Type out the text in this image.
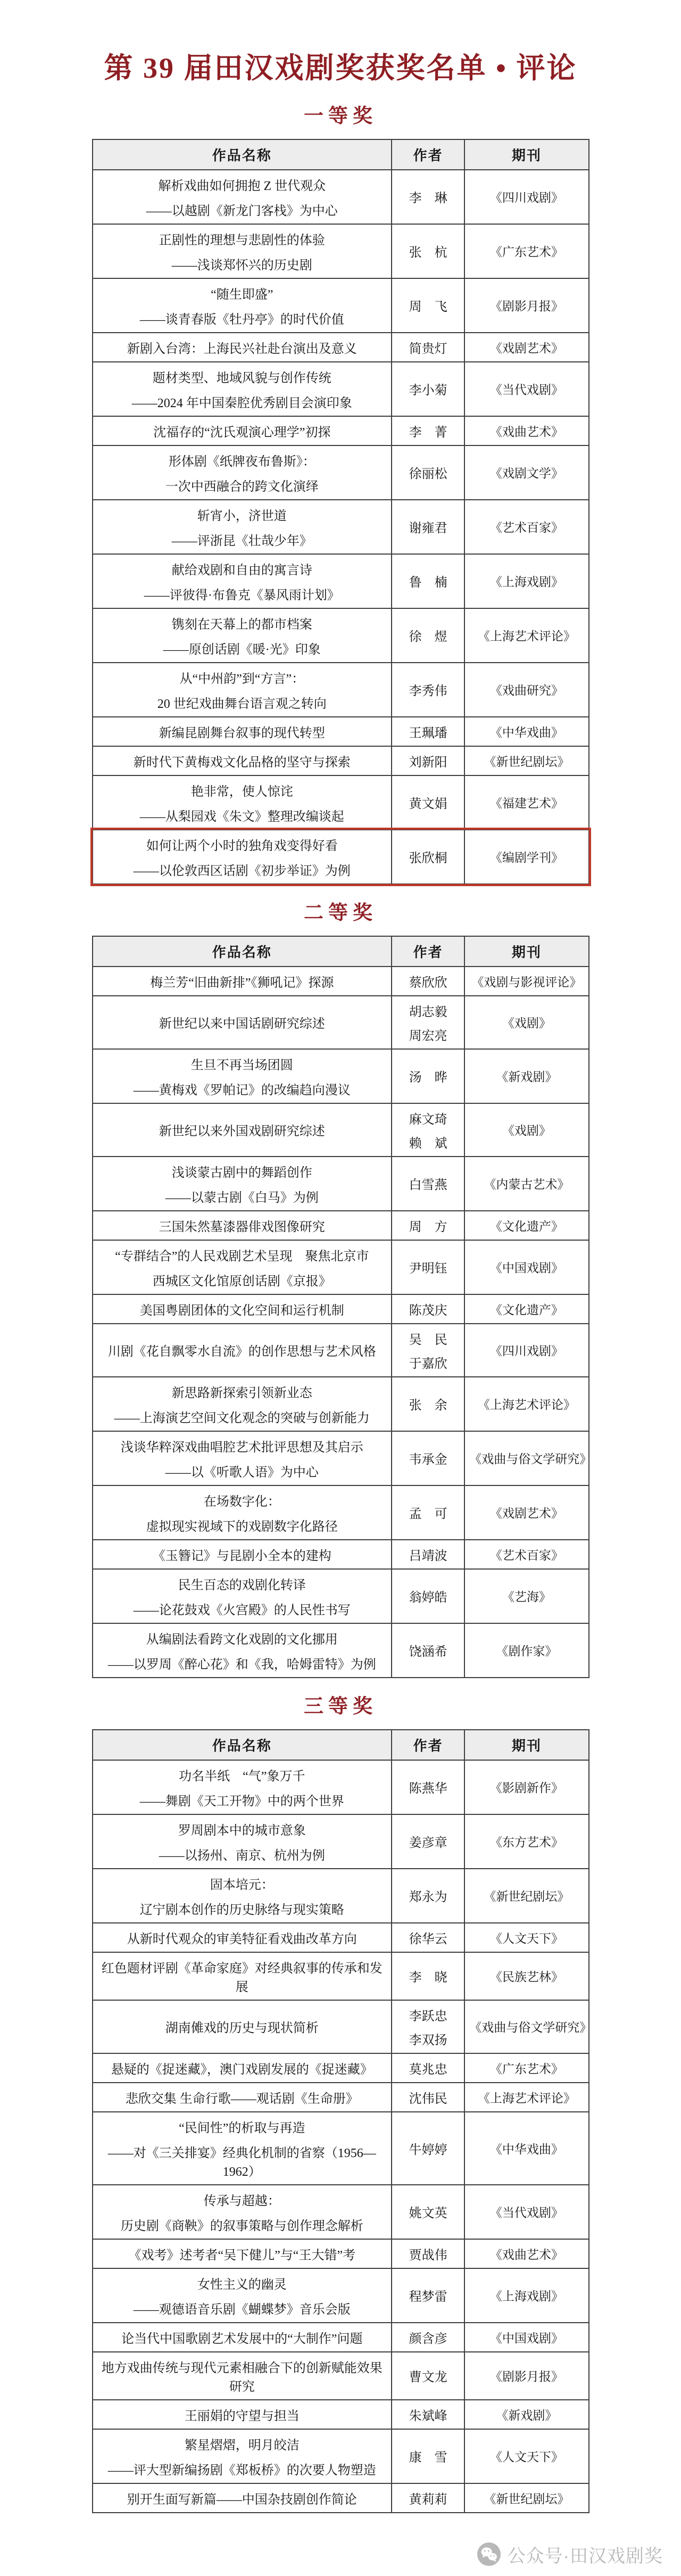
第 39 届田汉戏剧奖获奖名单 • 评论
一等奖
作品名称	作者	期刊

解析戏曲如何拥抱 Z 世代观众
——以越剧《新龙门客栈》为中心	李　琳	《四川戏剧》

正剧性的理想与悲剧性的体验
——浅谈郑怀兴的历史剧	张　杭	《广东艺术》

“随生即盛”
——谈青春版《牡丹亭》的时代价值	周　飞	《剧影月报》

新剧入台湾：上海民兴社赴台演出及意义	简贵灯	《戏剧艺术》

题材类型、地域风貌与创作传统
——2024 年中国秦腔优秀剧目会演印象	李小菊	《当代戏剧》

沈福存的“沈氏观演心理学”初探	李　菁	《戏曲艺术》

形体剧《纸牌夜布鲁斯》：
一次中西融合的跨文化演绎	徐丽松	《戏剧文学》

斩宵小，济世道
——评浙昆《壮哉少年》	谢雍君	《艺术百家》

献给戏剧和自由的寓言诗
——评彼得·布鲁克《暴风雨计划》	鲁　楠	《上海戏剧》

镌刻在天幕上的都市档案
——原创话剧《暖·光》印象	徐　煜	《上海艺术评论》

从“中州韵”到“方言”：
20 世纪戏曲舞台语言观之转向	李秀伟	《戏曲研究》

新编昆剧舞台叙事的现代转型	王珮璠	《中华戏曲》

新时代下黄梅戏文化品格的坚守与探索	刘新阳	《新世纪剧坛》

艳非常，使人惊诧
——从梨园戏《朱文》整理改编谈起	黄文娟	《福建艺术》

如何让两个小时的独角戏变得好看
——以伦敦西区话剧《初步举证》为例	张欣桐	《编剧学刊》
二等奖
作品名称	作者	期刊

梅兰芳“旧曲新排”《狮吼记》探源	蔡欣欣	《戏剧与影视评论》

新世纪以来中国话剧研究综述	胡志毅
周宏亮	《戏剧》

生旦不再当场团圆
——黄梅戏《罗帕记》的改编趋向漫议	汤　晔	《新戏剧》

新世纪以来外国戏剧研究综述	麻文琦
赖　斌	《戏剧》

浅谈蒙古剧中的舞蹈创作
——以蒙古剧《白马》为例	白雪燕	《内蒙古艺术》

三国朱然墓漆器俳戏图像研究	周　方	《文化遗产》

“专群结合”的人民戏剧艺术呈现　聚焦北京市
西城区文化馆原创话剧《京报》	尹明钰	《中国戏剧》

美国粤剧团体的文化空间和运行机制	陈茂庆	《文化遗产》

川剧《花自飘零水自流》的创作思想与艺术风格	吴　民
于嘉欣	《四川戏剧》

新思路新探索引领新业态
——上海演艺空间文化观念的突破与创新能力	张　余	《上海艺术评论》

浅谈华粹深戏曲唱腔艺术批评思想及其启示
——以《听歌人语》为中心	韦承金	《戏曲与俗文学研究》

在场数字化：
虚拟现实视域下的戏剧数字化路径	孟　可	《戏剧艺术》

《玉簪记》与昆剧小全本的建构	吕靖波	《艺术百家》

民生百态的戏剧化转译
——论花鼓戏《火宫殿》的人民性书写	翁婷皓	《艺海》

从编剧法看跨文化戏剧的文化挪用
——以罗周《醉心花》和《我，哈姆雷特》为例	饶涵希	《剧作家》
三等奖
作品名称	作者	期刊

功名半纸　“气”象万千
——舞剧《天工开物》中的两个世界	陈燕华	《影剧新作》

罗周剧本中的城市意象
——以扬州、南京、杭州为例	姜彦章	《东方艺术》

固本培元：
辽宁剧本创作的历史脉络与现实策略	郑永为	《新世纪剧坛》

从新时代观众的审美特征看戏曲改革方向	徐华云	《人文天下》

红色题材评剧《革命家庭》对经典叙事的传承和发展	李　晓	《民族艺林》

湖南傩戏的历史与现状简析	李跃忠
李双扬	《戏曲与俗文学研究》

悬疑的《捉迷藏》，澳门戏剧发展的《捉迷藏》	莫兆忠	《广东艺术》

悲欣交集 生命行歌——观话剧《生命册》	沈伟民	《上海艺术评论》

“民间性”的析取与再造
——对《三关排宴》经典化机制的省察（1956—1962）	牛婷婷	《中华戏曲》

传承与超越：
历史剧《商鞅》的叙事策略与创作理念解析	姚文英	《当代戏剧》

《戏考》述考者“吴下健儿”与“王大错”考	贾战伟	《戏曲艺术》

女性主义的幽灵
——观德语音乐剧《蝴蝶梦》音乐会版	程梦雷	《上海戏剧》

论当代中国歌剧艺术发展中的“大制作”问题	颜含彦	《中国戏剧》

地方戏曲传统与现代元素相融合下的创新赋能效果研究	曹文龙	《剧影月报》

王丽娟的守望与担当	朱斌峰	《新戏剧》

繁星熠熠，明月皎洁
——评大型新编扬剧《郑板桥》的次要人物塑造	康　雪	《人文天下》

别开生面写新篇——中国杂技剧创作简论	黄莉莉	《新世纪剧坛》
公众号·田汉戏剧奖
